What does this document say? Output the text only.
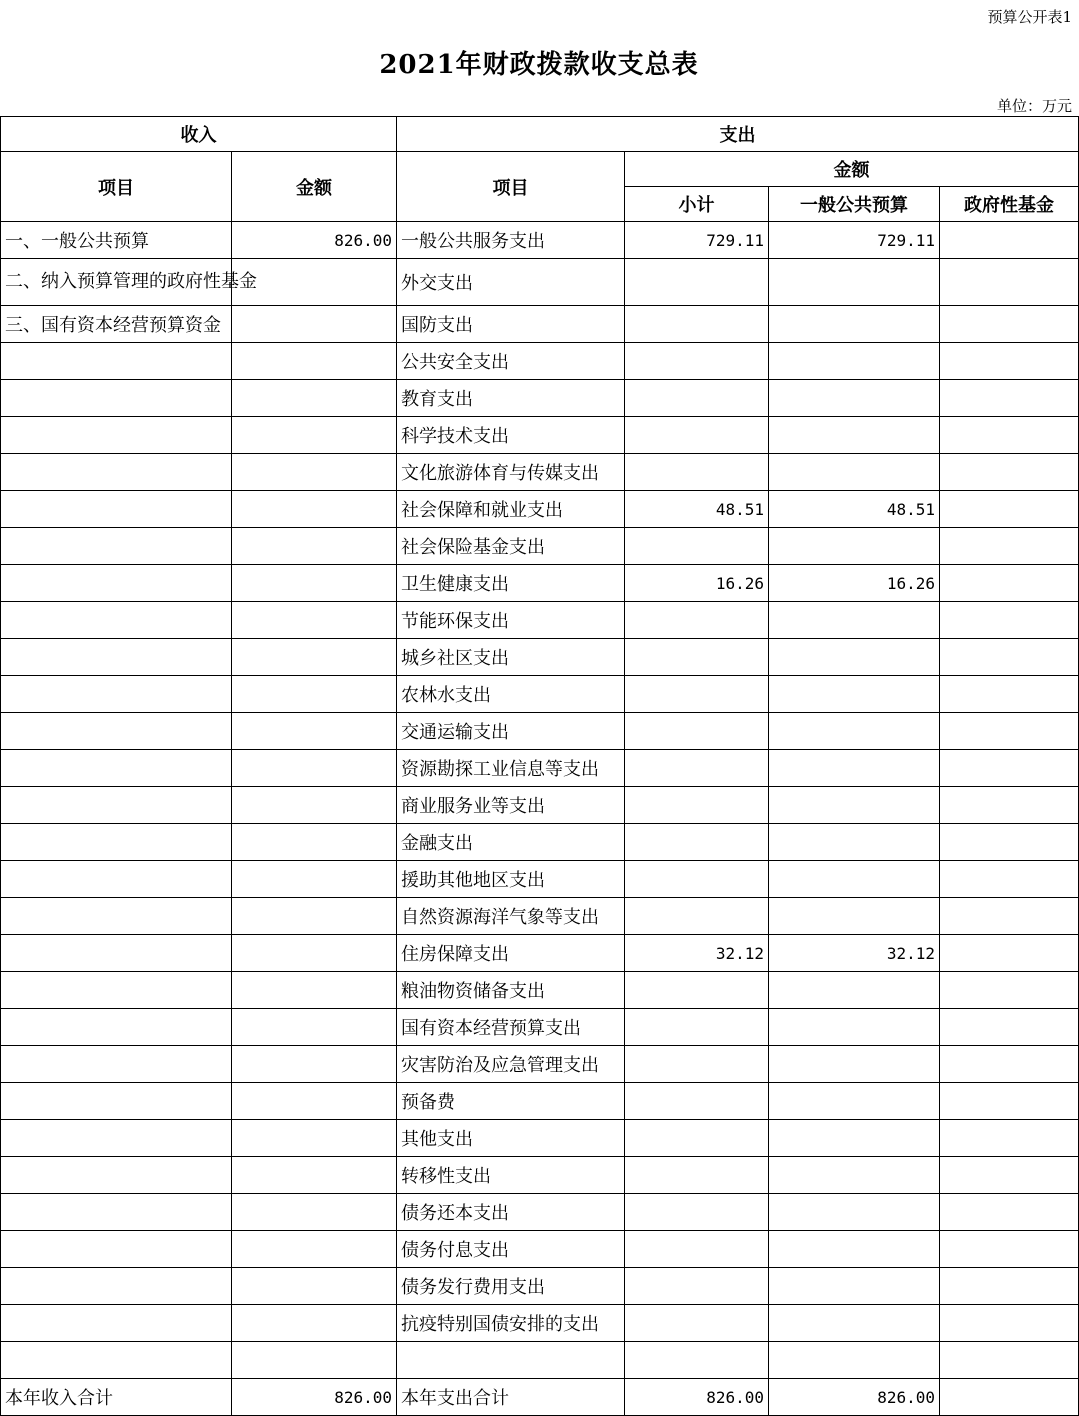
预算公开表1
2021年财政拨款收支总表
单位：万元
收入		支出			
项目	金额	项目	金额		
			小计	一般公共预算	政府性基金
一、一般公共预算	826.00	一般公共服务支出	729.11	729.11	
二、纳入预算管理的政府性基金		外交支出			
三、国有资本经营预算资金		国防支出			
		公共安全支出			
		教育支出			
		科学技术支出			
		文化旅游体育与传媒支出			
		社会保障和就业支出	48.51	48.51	
		社会保险基金支出			
		卫生健康支出	16.26	16.26	
		节能环保支出			
		城乡社区支出			
		农林水支出			
		交通运输支出			
		资源勘探工业信息等支出			
		商业服务业等支出			
		金融支出			
		援助其他地区支出			
		自然资源海洋气象等支出			
		住房保障支出	32.12	32.12	
		粮油物资储备支出			
		国有资本经营预算支出			
		灾害防治及应急管理支出			
		预备费			
		其他支出			
		转移性支出			
		债务还本支出			
		债务付息支出			
		债务发行费用支出			
		抗疫特别国债安排的支出			

本年收入合计	826.00	本年支出合计	826.00	826.00	
